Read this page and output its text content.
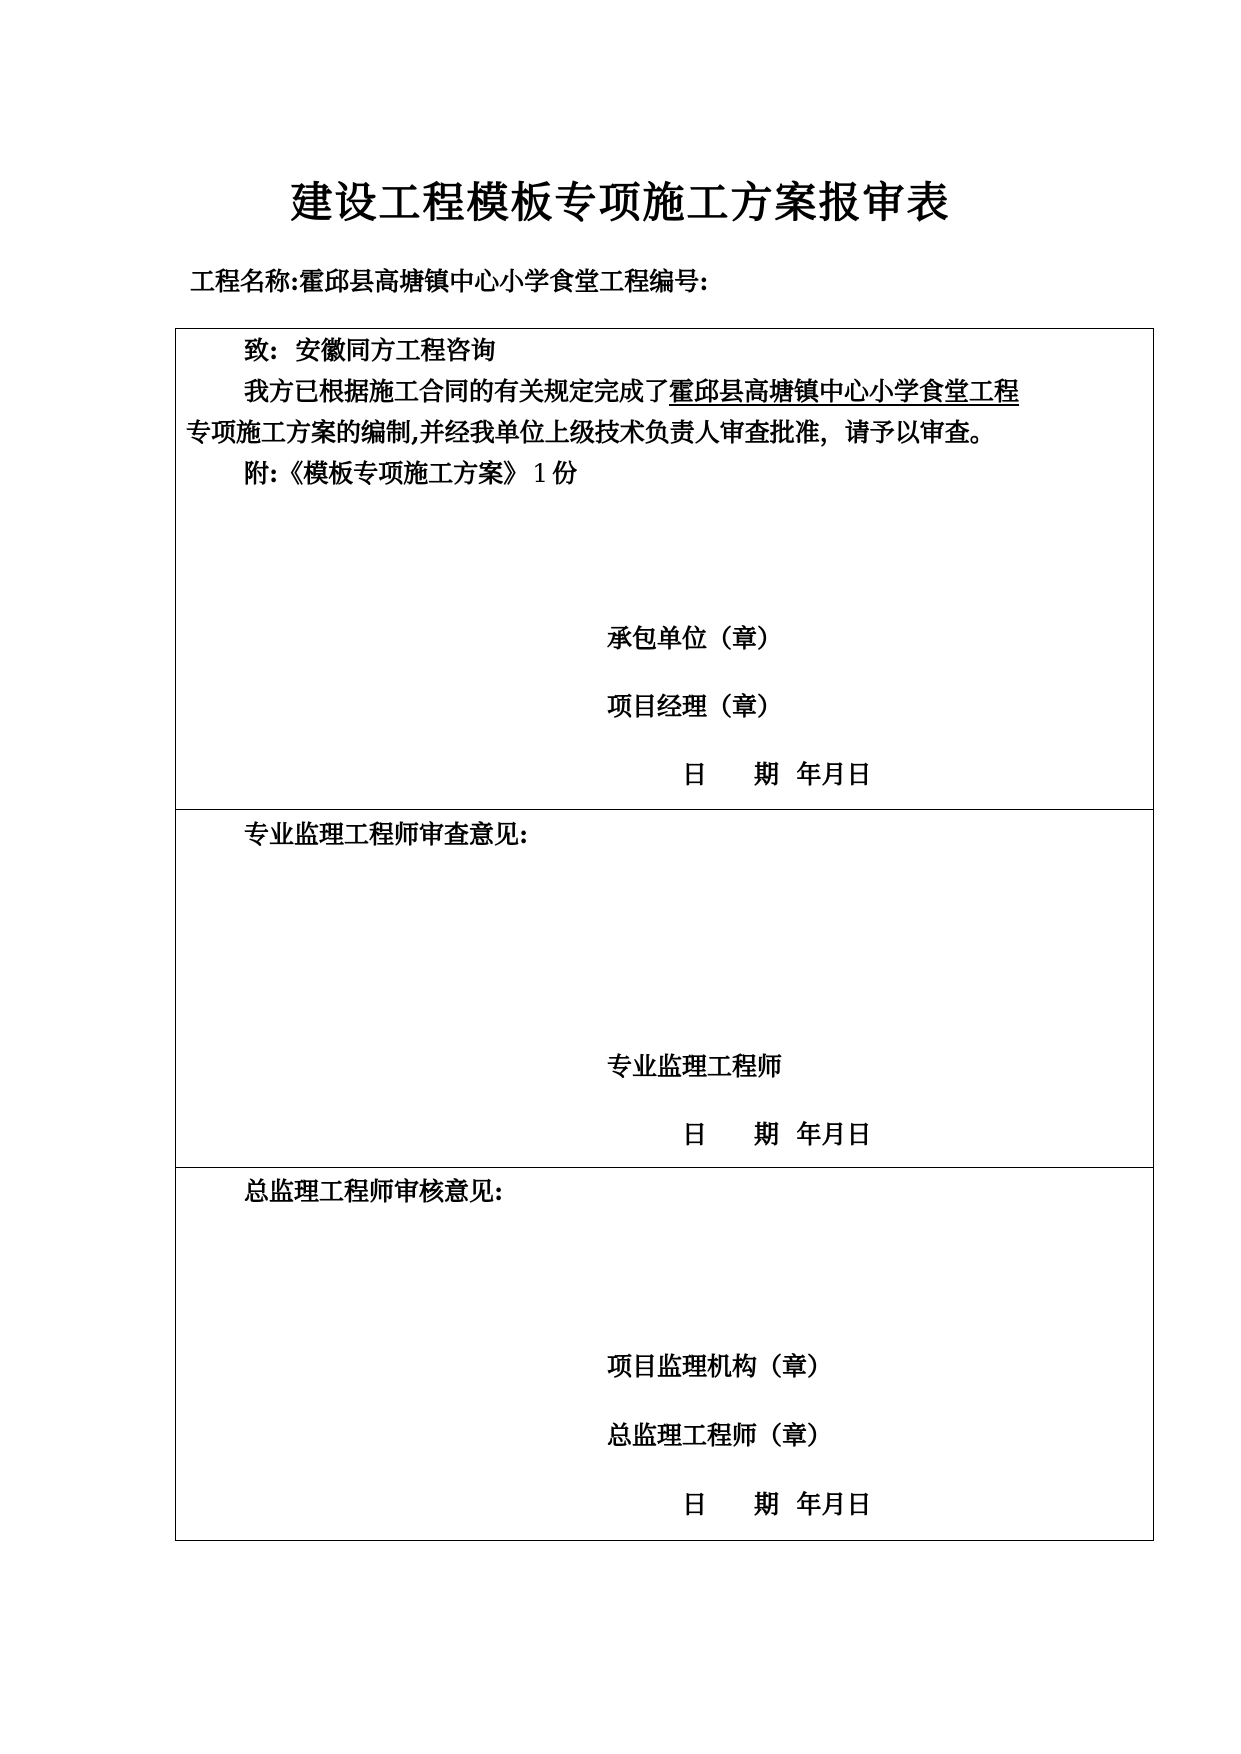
建设工程模板专项施工方案报审表
工程名称:霍邱县高塘镇中心小学食堂工程编号:
致: 安徽同方工程咨询
我方已根据施工合同的有关规定完成了霍邱县高塘镇中心小学食堂工程
专项施工方案的编制,并经我单位上级技术负责人审查批准，请予以审查。
附:《模板专项施工方案》 1 份
承包单位（章）
项目经理（章）
日 期 年月日
专业监理工程师审查意见:
专业监理工程师
日 期 年月日
总监理工程师审核意见:
项目监理机构（章）
总监理工程师（章）
日 期 年月日
